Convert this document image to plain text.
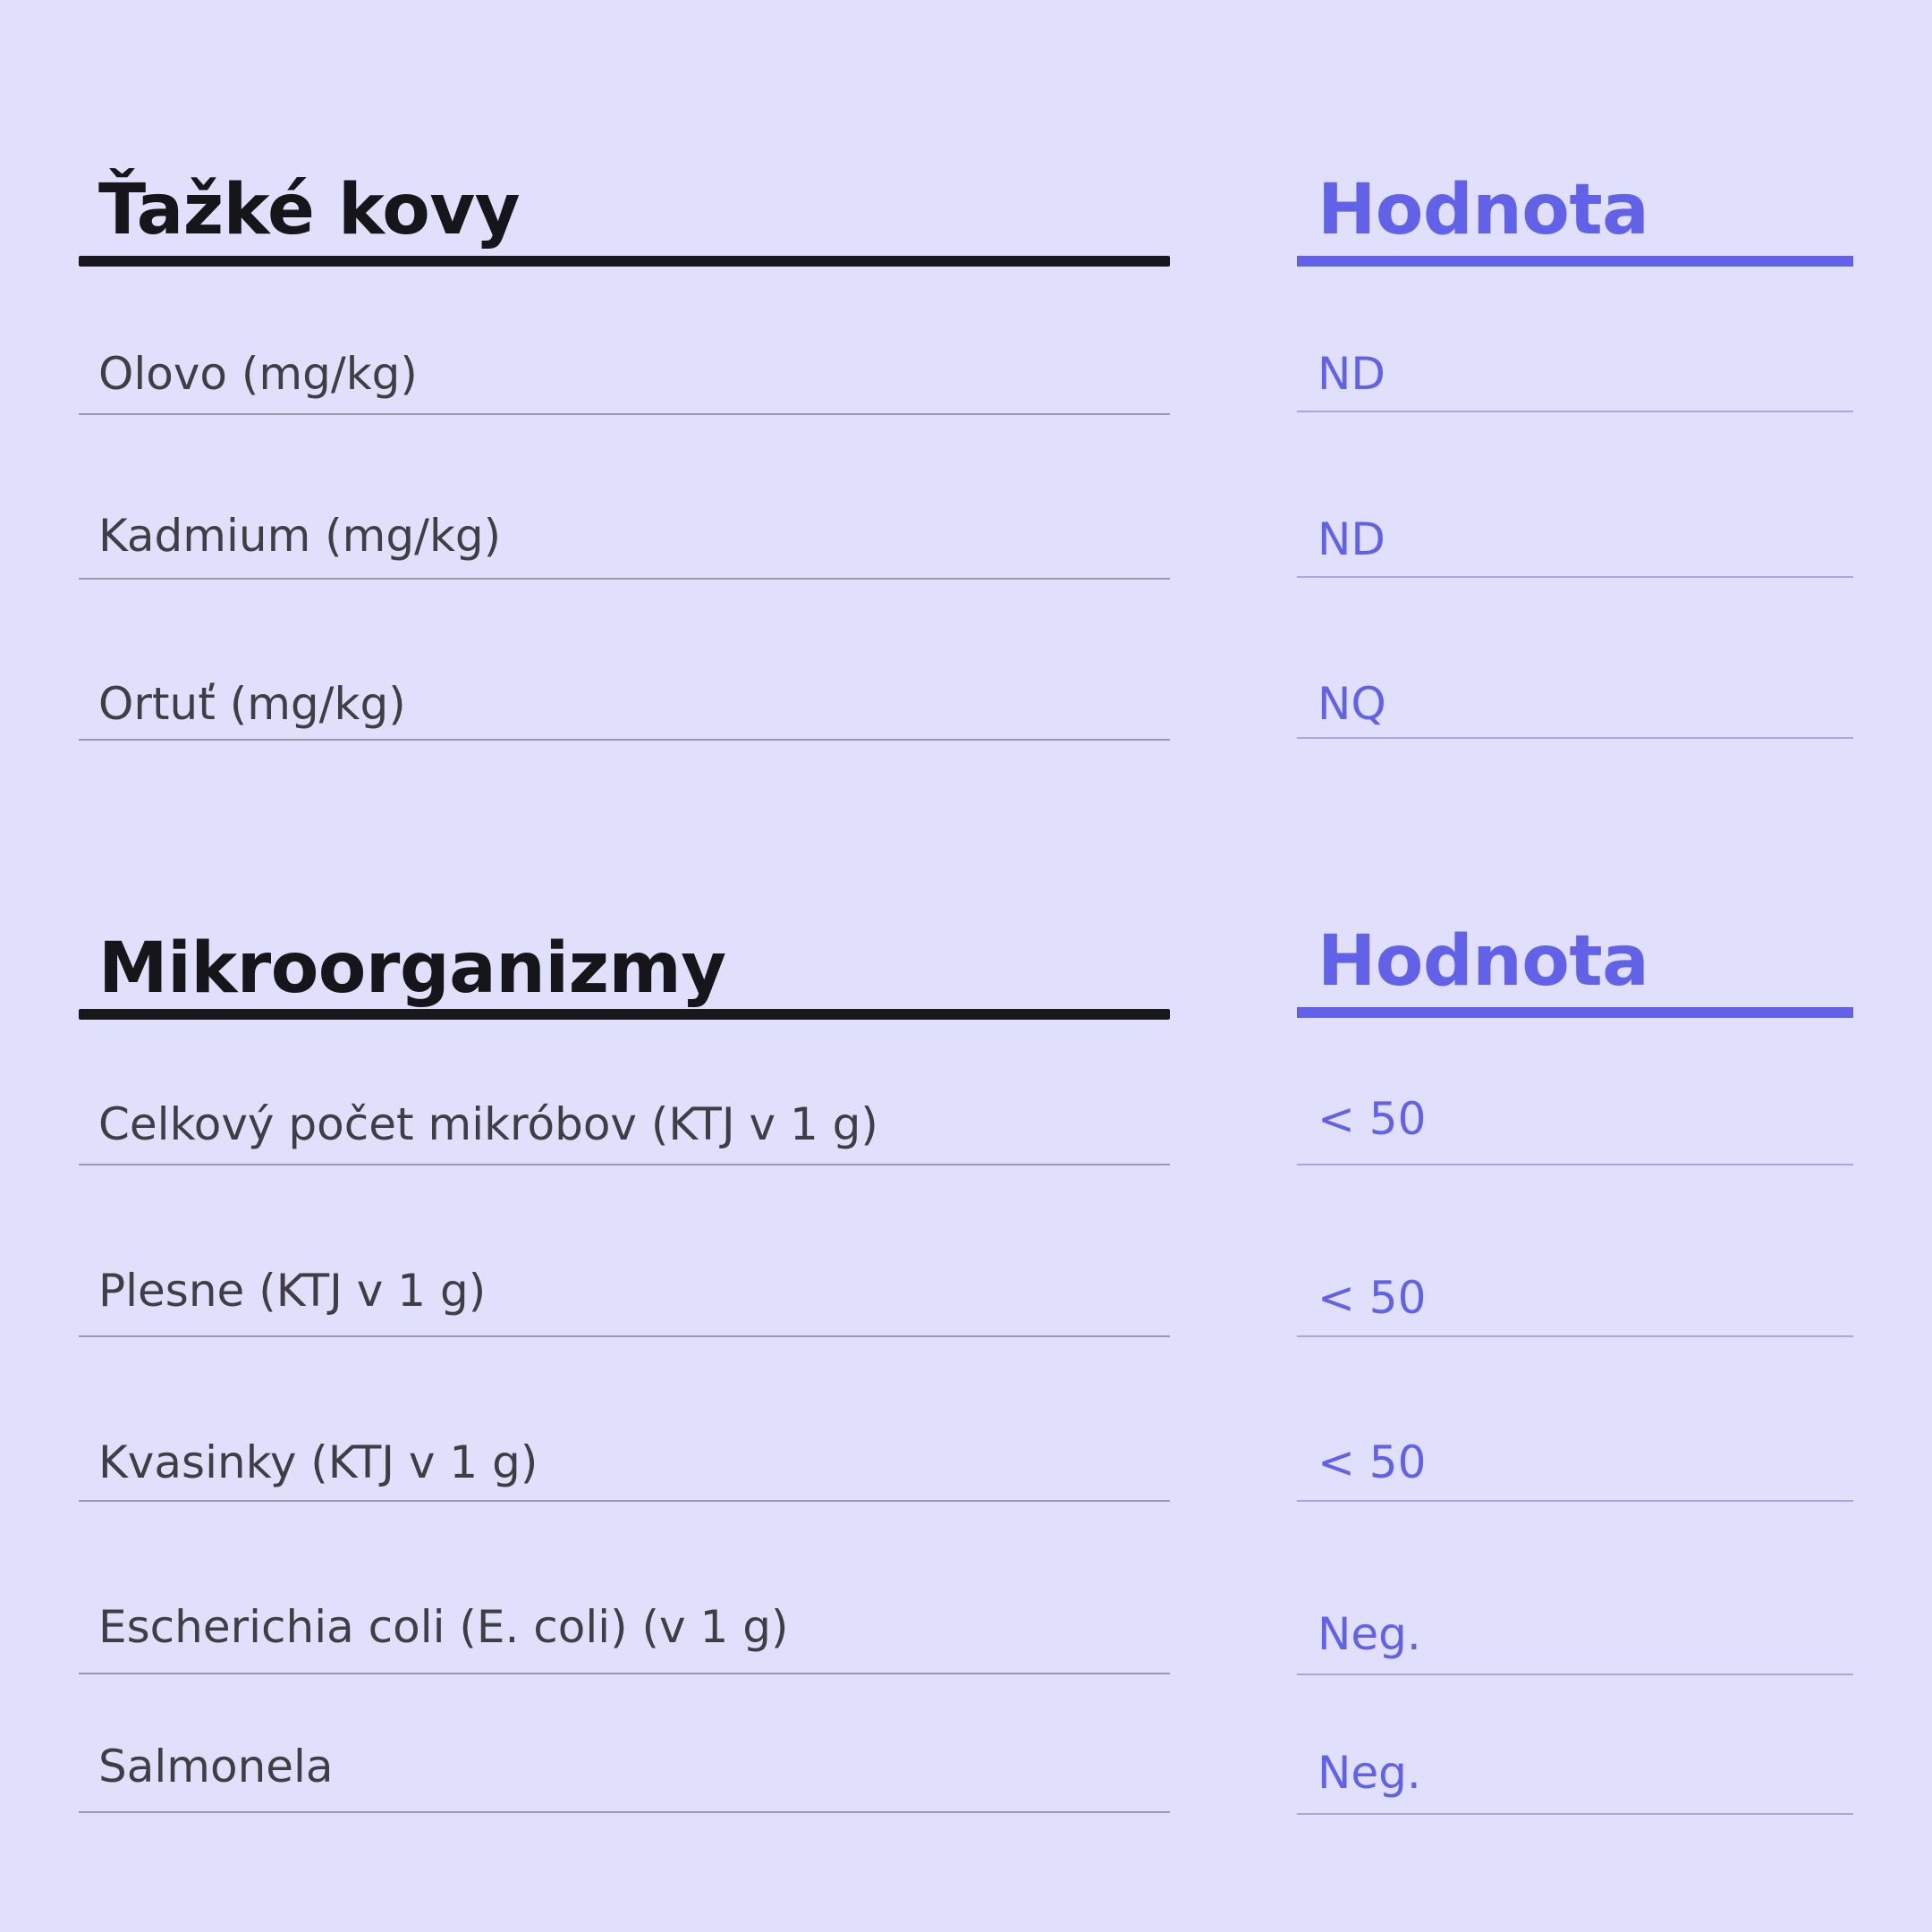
Ťažké kovy	Hodnota
Olovo (mg/kg)	ND
Kadmium (mg/kg)	ND
Ortuť (mg/kg)	NQ
Mikroorganizmy	Hodnota
Celkový počet mikróbov (KTJ v 1 g)	< 50
Plesne (KTJ v 1 g)	< 50
Kvasinky (KTJ v 1 g)	< 50
Escherichia coli (E. coli) (v 1 g)	Neg.
Salmonela	Neg.
